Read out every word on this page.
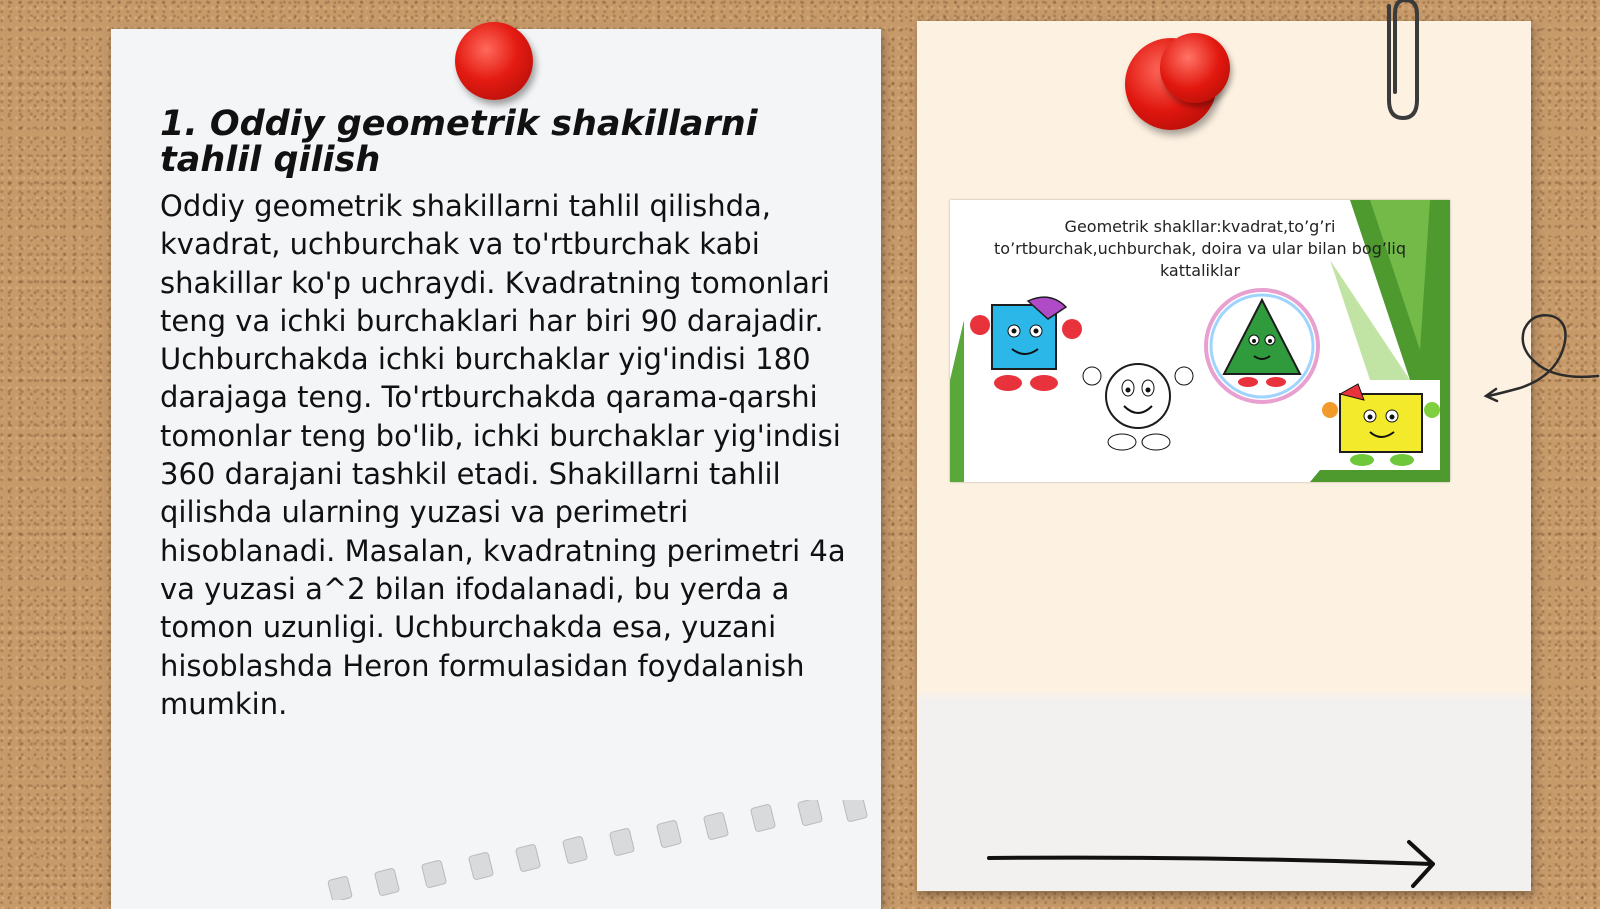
1. Oddiy geometrik shakillarni tahlil qilish

Oddiy geometrik shakillarni tahlil qilishda, kvadrat, uchburchak va to'rtburchak kabi shakillar ko'p uchraydi. Kvadratning tomonlari teng va ichki burchaklari har biri 90 darajadir. Uchburchakda ichki burchaklar yig'indisi 180 darajaga teng. To'rtburchakda qarama-qarshi tomonlar teng bo'lib, ichki burchaklar yig'indisi 360 darajani tashkil etadi. Shakillarni tahlil qilishda ularning yuzasi va perimetri hisoblanadi. Masalan, kvadratning perimetri 4a va yuzasi a^2 bilan ifodalanadi, bu yerda a tomon uzunligi. Uchburchakda esa, yuzani hisoblashda Heron formulasidan foydalanish mumkin.

Geometrik shakllar:kvadrat,to’g’ri to’rtburchak,uchburchak, doira va ular bilan bog’liq kattaliklar
